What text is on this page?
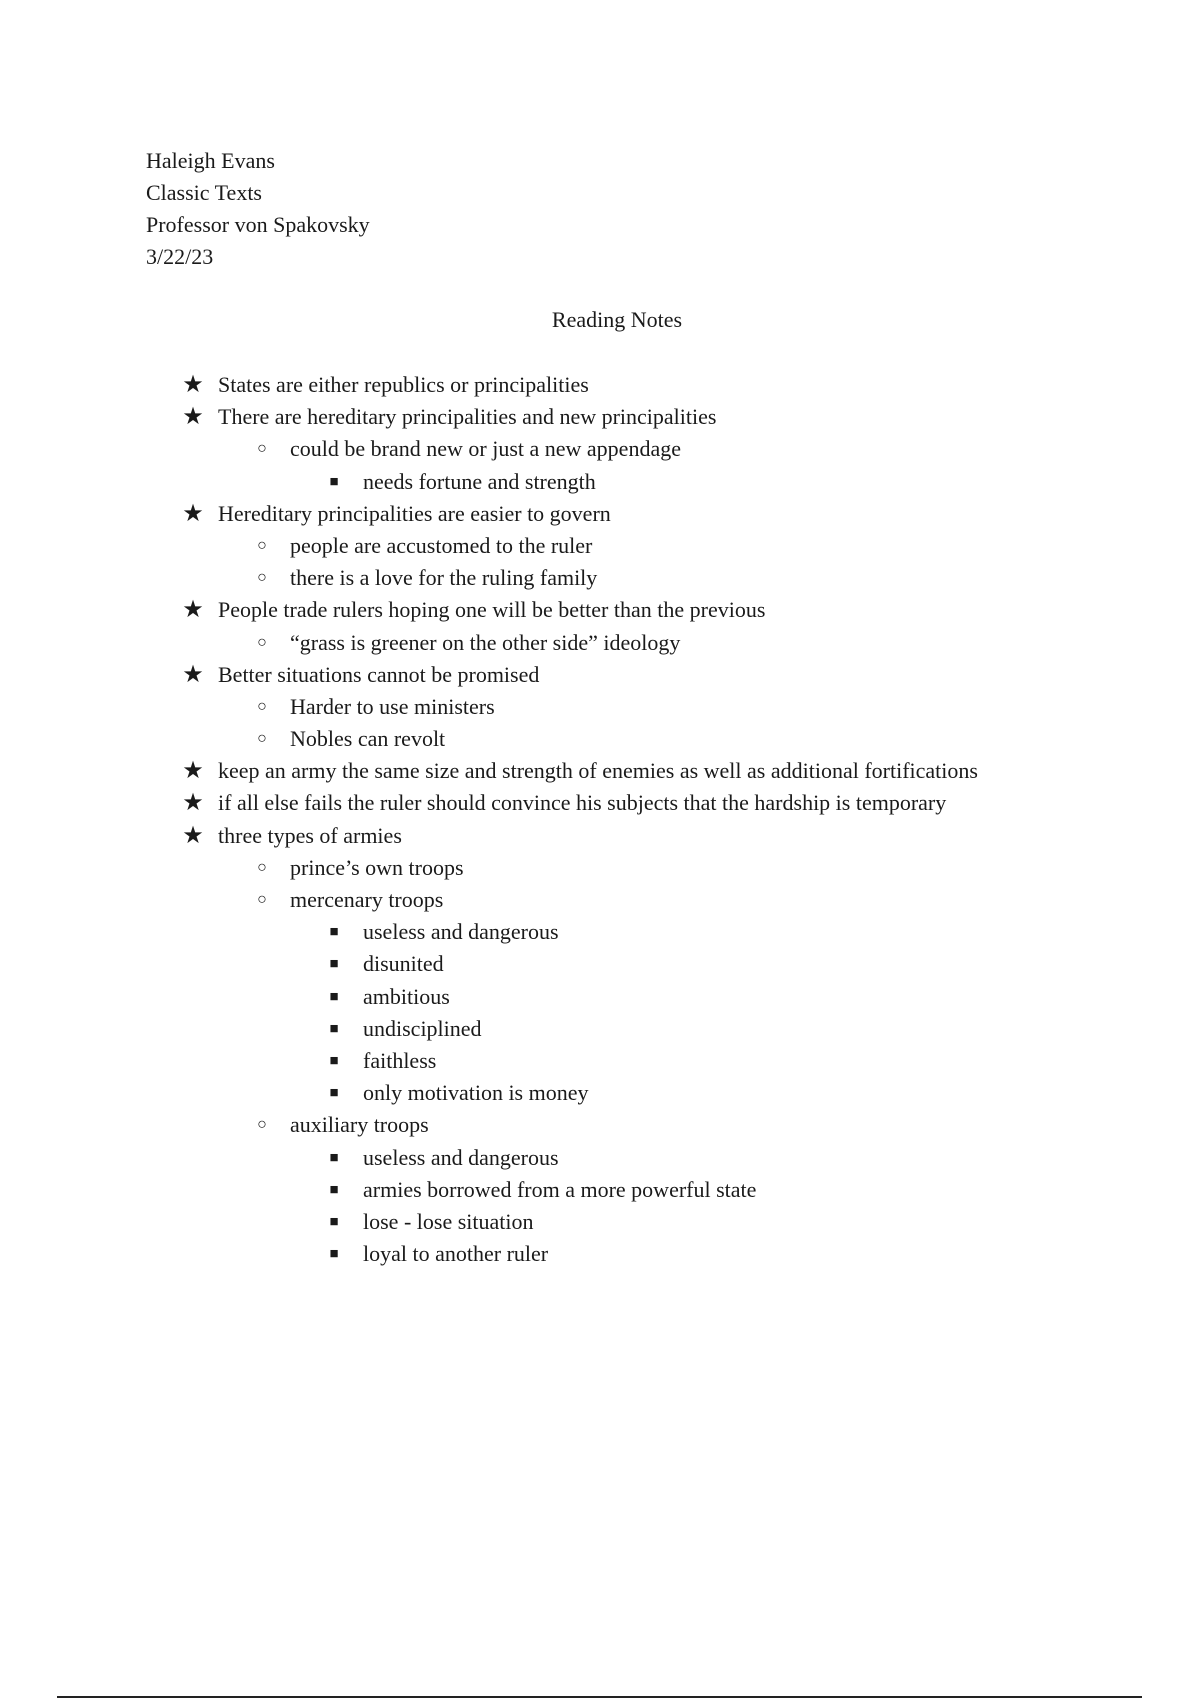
Haleigh Evans
Classic Texts
Professor von Spakovsky
3/22/23
Reading Notes
★ States are either republics or principalities
★ There are hereditary principalities and new principalities
○	could be brand new or just a new appendage
■	needs fortune and strength
★ Hereditary principalities are easier to govern
○	people are accustomed to the ruler
○	there is a love for the ruling family
★ People trade rulers hoping one will be better than the previous
○	“grass is greener on the other side” ideology
★ Better situations cannot be promised
○	Harder to use ministers
○	Nobles can revolt
★ keep an army the same size and strength of enemies as well as additional fortifications
★ if all else fails the ruler should convince his subjects that the hardship is temporary
★ three types of armies
○	prince’s own troops
○	mercenary troops
■	useless and dangerous
■	disunited
■	ambitious
■	undisciplined
■	faithless
■	only motivation is money
○	auxiliary troops
■	useless and dangerous
■	armies borrowed from a more powerful state
■	lose - lose situation
■	loyal to another ruler
